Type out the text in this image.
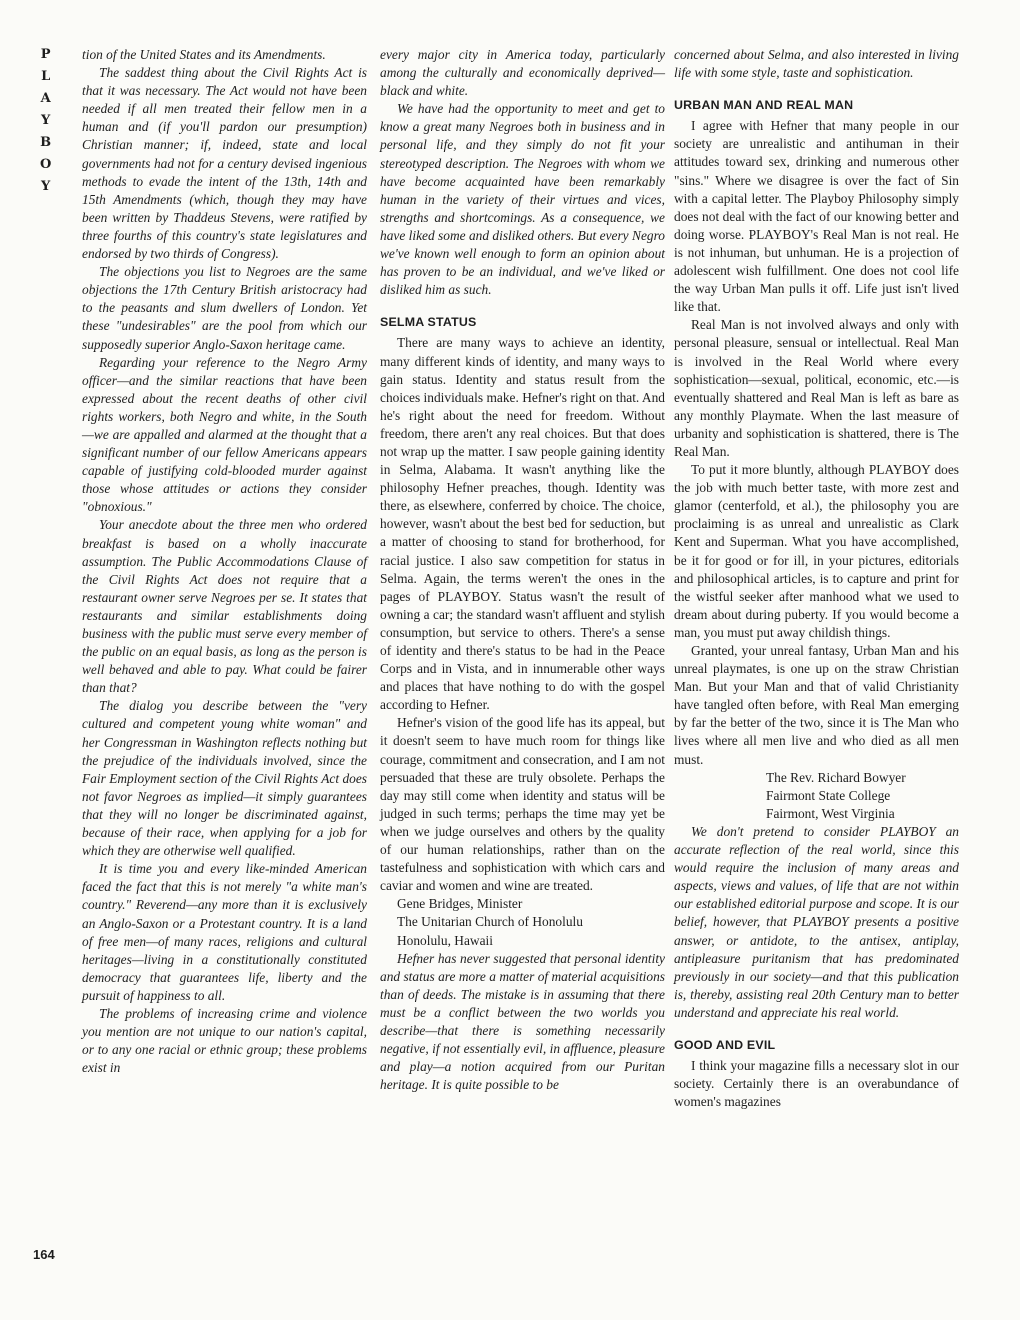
P
L
A
Y
B
O
Y
164

tion of the United States and its Amendments.

The saddest thing about the Civil Rights Act is that it was necessary. The Act would not have been needed if all men treated their fellow men in a human and (if you'll pardon our presumption) Christian manner; if, indeed, state and local governments had not for a century devised ingenious methods to evade the intent of the 13th, 14th and 15th Amendments (which, though they may have been written by Thaddeus Stevens, were ratified by three fourths of this country's state legislatures and endorsed by two thirds of Congress).

The objections you list to Negroes are the same objections the 17th Century British aristocracy had to the peasants and slum dwellers of London. Yet these "undesirables" are the pool from which our supposedly superior Anglo-Saxon heritage came.

Regarding your reference to the Negro Army officer—and the similar reactions that have been expressed about the recent deaths of other civil rights workers, both Negro and white, in the South —we are appalled and alarmed at the thought that a significant number of our fellow Americans appears capable of justifying cold-blooded murder against those whose attitudes or actions they consider "obnoxious."

Your anecdote about the three men who ordered breakfast is based on a wholly inaccurate assumption. The Public Accommodations Clause of the Civil Rights Act does not require that a restaurant owner serve Negroes per se. It states that restaurants and similar establishments doing business with the public must serve every member of the public on an equal basis, as long as the person is well behaved and able to pay. What could be fairer than that?

The dialog you describe between the "very cultured and competent young white woman" and her Congressman in Washington reflects nothing but the prejudice of the individuals involved, since the Fair Employment section of the Civil Rights Act does not favor Negroes as implied—it simply guarantees that they will no longer be discriminated against, because of their race, when applying for a job for which they are otherwise well qualified.

It is time you and every like-minded American faced the fact that this is not merely "a white man's country." Reverend—any more than it is exclusively an Anglo-Saxon or a Protestant country. It is a land of free men—of many races, religions and cultural heritages—living in a constitutionally constituted democracy that guarantees life, liberty and the pursuit of happiness to all.

The problems of increasing crime and violence you mention are not unique to our nation's capital, or to any one racial or ethnic group; these problems exist in

every major city in America today, particularly among the culturally and economically deprived—black and white.

We have had the opportunity to meet and get to know a great many Negroes both in business and in personal life, and they simply do not fit your stereotyped description. The Negroes with whom we have become acquainted have been remarkably human in the variety of their virtues and vices, strengths and shortcomings. As a consequence, we have liked some and disliked others. But every Negro we've known well enough to form an opinion about has proven to be an individual, and we've liked or disliked him as such.

SELMA STATUS

There are many ways to achieve an identity, many different kinds of identity, and many ways to gain status. Identity and status result from the choices individuals make. Hefner's right on that. And he's right about the need for freedom. Without freedom, there aren't any real choices. But that does not wrap up the matter. I saw people gaining identity in Selma, Alabama. It wasn't anything like the philosophy Hefner preaches, though. Identity was there, as elsewhere, conferred by choice. The choice, however, wasn't about the best bed for seduction, but a matter of choosing to stand for brotherhood, for racial justice. I also saw competition for status in Selma. Again, the terms weren't the ones in the pages of PLAYBOY. Status wasn't the result of owning a car; the standard wasn't affluent and stylish consumption, but service to others. There's a sense of identity and there's status to be had in the Peace Corps and in Vista, and in innumerable other ways and places that have nothing to do with the gospel according to Hefner.

Hefner's vision of the good life has its appeal, but it doesn't seem to have much room for things like courage, commitment and consecration, and I am not persuaded that these are truly obsolete. Perhaps the day may still come when identity and status will be judged in such terms; perhaps the time may yet be when we judge ourselves and others by the quality of our human relationships, rather than on the tastefulness and sophistication with which cars and caviar and women and wine are treated.

Gene Bridges, Minister
The Unitarian Church of Honolulu
Honolulu, Hawaii

Hefner has never suggested that personal identity and status are more a matter of material acquisitions than of deeds. The mistake is in assuming that there must be a conflict between the two worlds you describe—that there is something necessarily negative, if not essentially evil, in affluence, pleasure and play—a notion acquired from our Puritan heritage. It is quite possible to be

concerned about Selma, and also interested in living life with some style, taste and sophistication.

URBAN MAN AND REAL MAN

I agree with Hefner that many people in our society are unrealistic and antihuman in their attitudes toward sex, drinking and numerous other "sins." Where we disagree is over the fact of Sin with a capital letter. The Playboy Philosophy simply does not deal with the fact of our knowing better and doing worse. PLAYBOY's Real Man is not real. He is not inhuman, but unhuman. He is a projection of adolescent wish fulfillment. One does not cool life the way Urban Man pulls it off. Life just isn't lived like that.

Real Man is not involved always and only with personal pleasure, sensual or intellectual. Real Man is involved in the Real World where every sophistication—sexual, political, economic, etc.—is eventually shattered and Real Man is left as bare as any monthly Playmate. When the last measure of urbanity and sophistication is shattered, there is The Real Man.

To put it more bluntly, although PLAYBOY does the job with much better taste, with more zest and glamor (centerfold, et al.), the philosophy you are proclaiming is as unreal and unrealistic as Clark Kent and Superman. What you have accomplished, be it for good or for ill, in your pictures, editorials and philosophical articles, is to capture and print for the wistful seeker after manhood what we used to dream about during puberty. If you would become a man, you must put away childish things.

Granted, your unreal fantasy, Urban Man and his unreal playmates, is one up on the straw Christian Man. But your Man and that of valid Christianity have tangled often before, with Real Man emerging by far the better of the two, since it is The Man who lives where all men live and who died as all men must.

The Rev. Richard Bowyer
Fairmont State College
Fairmont, West Virginia

We don't pretend to consider PLAYBOY an accurate reflection of the real world, since this would require the inclusion of many areas and aspects, views and values, of life that are not within our established editorial purpose and scope. It is our belief, however, that PLAYBOY presents a positive answer, or antidote, to the antisex, antiplay, antipleasure puritanism that has predominated previously in our society—and that this publication is, thereby, assisting real 20th Century man to better understand and appreciate his real world.

GOOD AND EVIL

I think your magazine fills a necessary slot in our society. Certainly there is an overabundance of women's magazines
